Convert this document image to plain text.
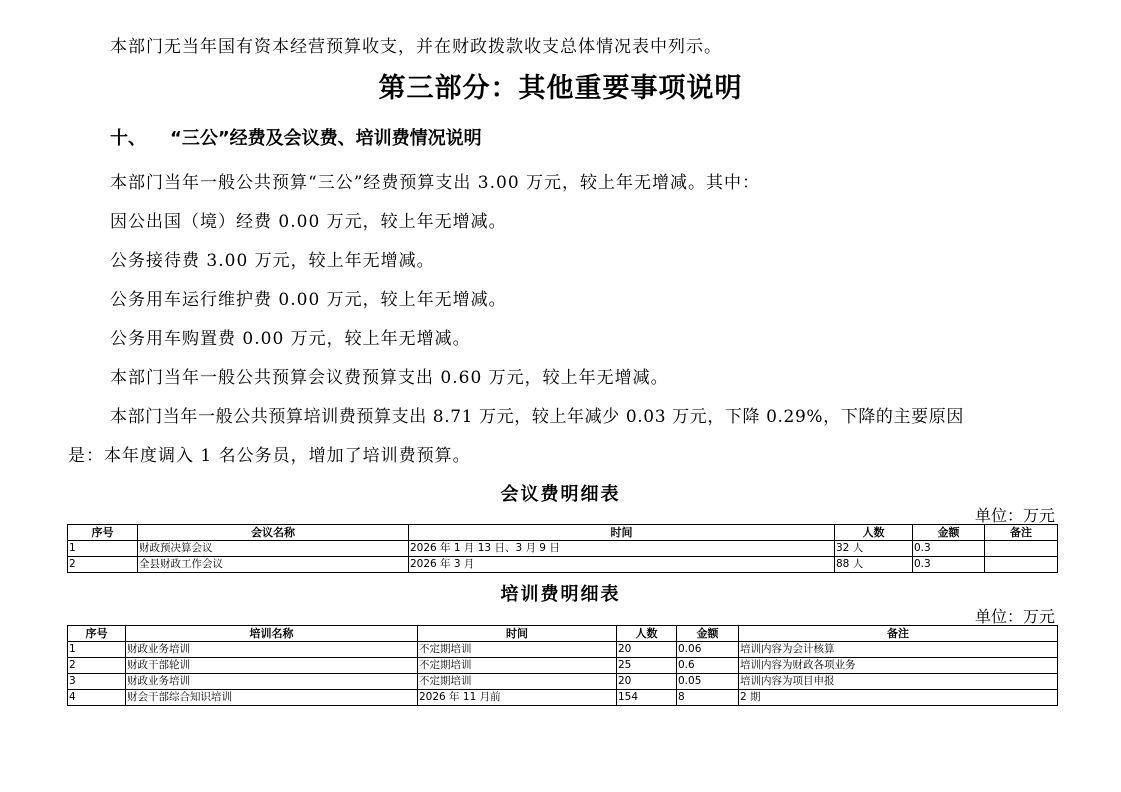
本部门无当年国有资本经营预算收支，并在财政拨款收支总体情况表中列示。
第三部分：其他重要事项说明
十、 “三公”经费及会议费、培训费情况说明
本部门当年一般公共预算“三公”经费预算支出 3.00 万元，较上年无增减。其中：
因公出国（境）经费 0.00 万元，较上年无增减。
公务接待费 3.00 万元，较上年无增减。
公务用车运行维护费 0.00 万元，较上年无增减。
公务用车购置费 0.00 万元，较上年无增减。
本部门当年一般公共预算会议费预算支出 0.60 万元，较上年无增减。
本部门当年一般公共预算培训费预算支出 8.71 万元，较上年减少 0.03 万元，下降 0.29%，下降的主要原因
是：本年度调入 1 名公务员，增加了培训费预算。
会议费明细表
单位：万元
序号	会议名称	时间	人数	金额	备注
1	财政预决算会议	2026 年 1 月 13 日、3 月 9 日	32 人	0.3	
2	全县财政工作会议	2026 年 3 月	88 人	0.3	
培训费明细表
单位：万元
序号	培训名称	时间	人数	金额	备注
1	财政业务培训	不定期培训	20	0.06	培训内容为会计核算
2	财政干部轮训	不定期培训	25	0.6	培训内容为财政各项业务
3	财政业务培训	不定期培训	20	0.05	培训内容为项目申报
4	财会干部综合知识培训	2026 年 11 月前	154	8	2 期
